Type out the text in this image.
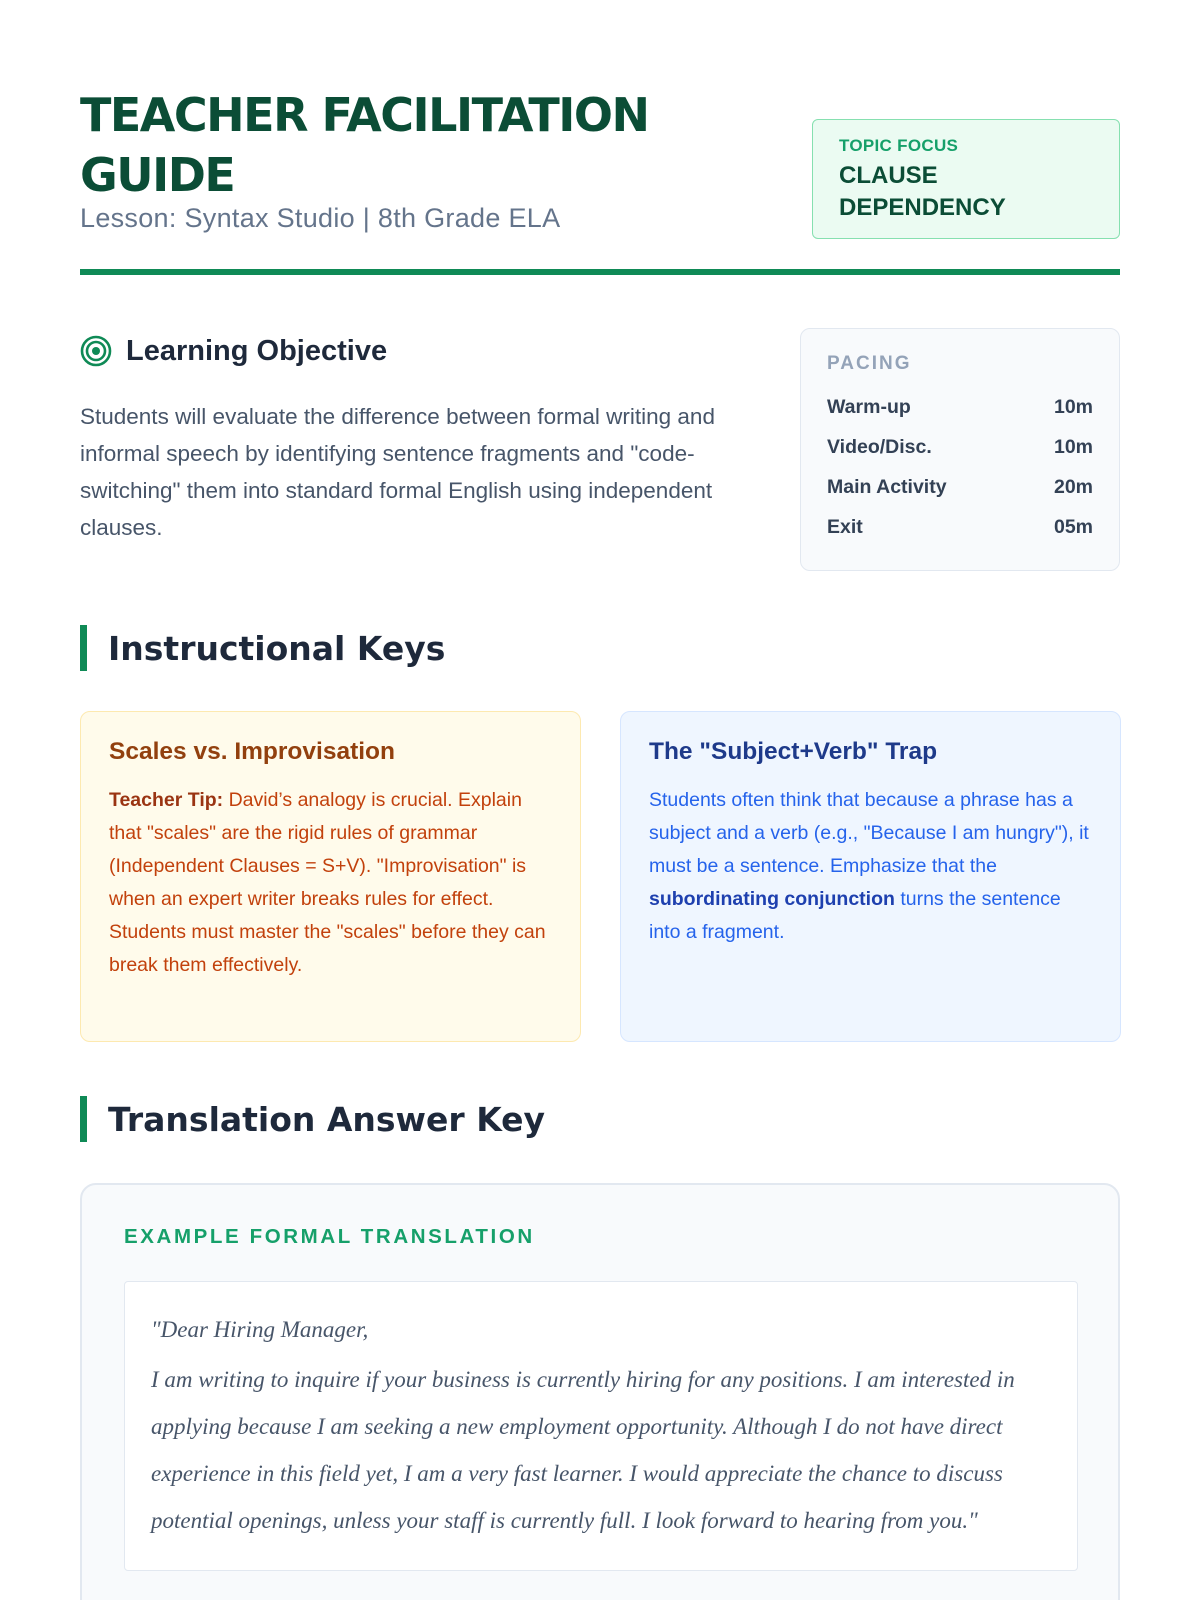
TEACHER FACILITATION GUIDE
Lesson: Syntax Studio | 8th Grade ELA
TOPIC FOCUS
CLAUSE
DEPENDENCY
Learning Objective

Students will evaluate the difference between formal writing and informal speech by identifying sentence fragments and "code-switching" them into standard formal English using independent clauses.

PACING
Warm-up	10m
Video/Disc.	10m
Main Activity	20m
Exit	05m
Instructional Keys
Scales vs. Improvisation

Teacher Tip: David’s analogy is crucial. Explain that "scales" are the rigid rules of grammar (Independent Clauses = S+V). "Improvisation" is when an expert writer breaks rules for effect. Students must master the "scales" before they can break them effectively.

The "Subject+Verb" Trap

Students often think that because a phrase has a subject and a verb (e.g., "Because I am hungry"), it must be a sentence. Emphasize that the subordinating conjunction turns the sentence into a fragment.

Translation Answer Key
EXAMPLE FORMAL TRANSLATION
"Dear Hiring Manager,
I am writing to inquire if your business is currently hiring for any positions. I am interested in
applying because I am seeking a new employment opportunity. Although I do not have direct
experience in this field yet, I am a very fast learner. I would appreciate the chance to discuss
potential openings, unless your staff is currently full. I look forward to hearing from you."
